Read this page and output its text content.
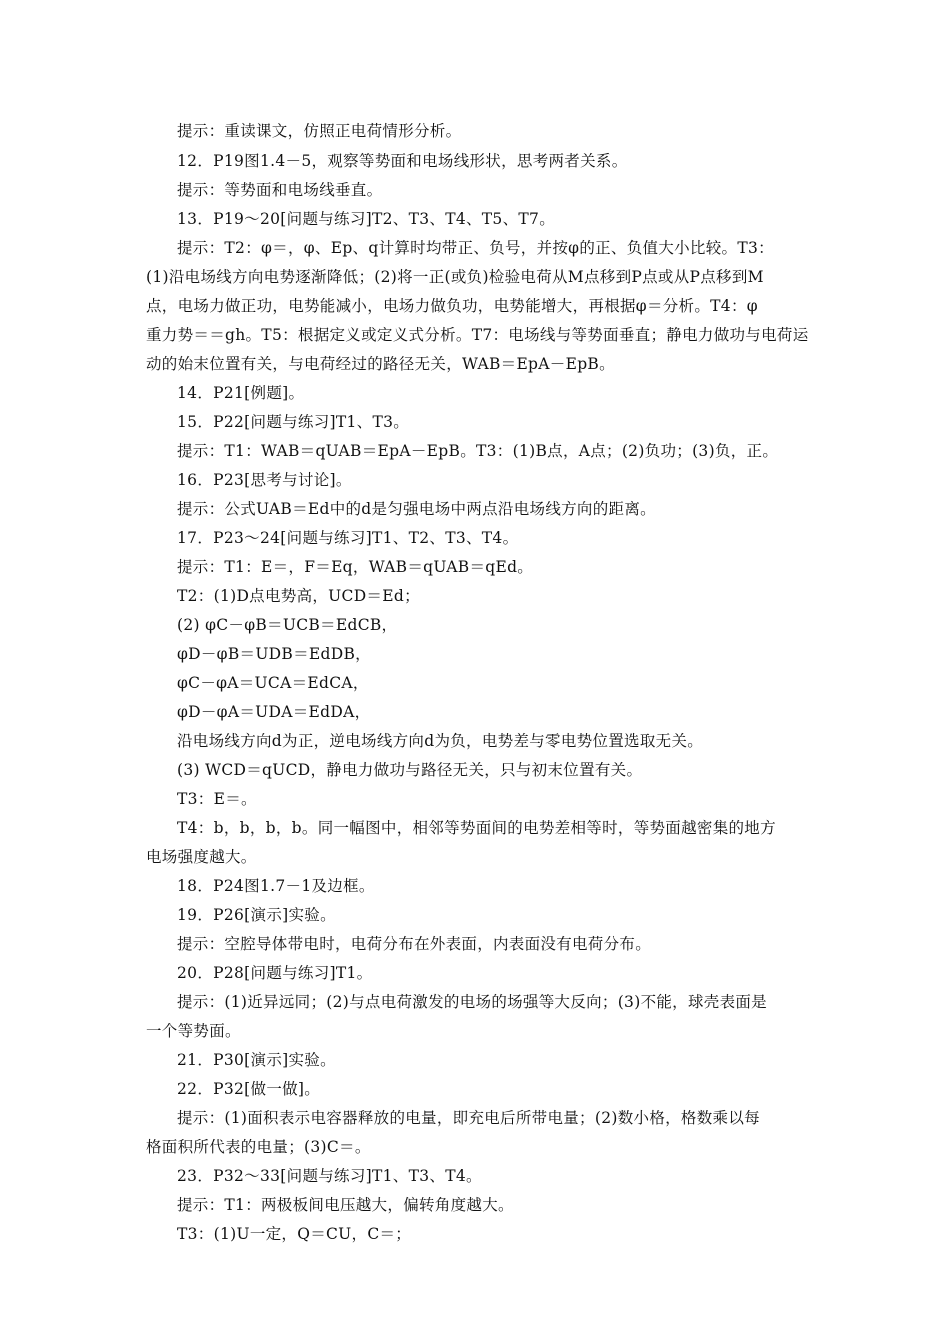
提示：重读课文，仿照正电荷情形分析。
12．P19图1.4－5，观察等势面和电场线形状，思考两者关系。
提示：等势面和电场线垂直。
13．P19～20[问题与练习]T2、T3、T4、T5、T7。
提示：T2：φ＝，φ、Ep、q计算时均带正、负号，并按φ的正、负值大小比较。T3：
(1)沿电场线方向电势逐渐降低；(2)将一正(或负)检验电荷从M点移到P点或从P点移到M
点，电场力做正功，电势能减小，电场力做负功，电势能增大，再根据φ＝分析。T4：φ
重力势＝＝gh。T5：根据定义或定义式分析。T7：电场线与等势面垂直；静电力做功与电荷运
动的始末位置有关，与电荷经过的路径无关，WAB＝EpA－EpB。
14．P21[例题]。
15．P22[问题与练习]T1、T3。
提示：T1：WAB＝qUAB＝EpA－EpB。T3：(1)B点，A点；(2)负功；(3)负，正。
16．P23[思考与讨论]。
提示：公式UAB＝Ed中的d是匀强电场中两点沿电场线方向的距离。
17．P23～24[问题与练习]T1、T2、T3、T4。
提示：T1：E＝，F＝Eq，WAB＝qUAB＝qEd。
T2：(1)D点电势高，UCD＝Ed；
(2) φC－φB＝UCB＝EdCB，
φD－φB＝UDB＝EdDB，
φC－φA＝UCA＝EdCA，
φD－φA＝UDA＝EdDA，
沿电场线方向d为正，逆电场线方向d为负，电势差与零电势位置选取无关。
(3) WCD＝qUCD，静电力做功与路径无关，只与初末位置有关。
T3：E＝。
T4：b，b，b，b。同一幅图中，相邻等势面间的电势差相等时，等势面越密集的地方
电场强度越大。
18．P24图1.7－1及边框。
19．P26[演示]实验。
提示：空腔导体带电时，电荷分布在外表面，内表面没有电荷分布。
20．P28[问题与练习]T1。
提示：(1)近异远同；(2)与点电荷激发的电场的场强等大反向；(3)不能，球壳表面是
一个等势面。
21．P30[演示]实验。
22．P32[做一做]。
提示：(1)面积表示电容器释放的电量，即充电后所带电量；(2)数小格，格数乘以每
格面积所代表的电量；(3)C＝。
23．P32～33[问题与练习]T1、T3、T4。
提示：T1：两极板间电压越大，偏转角度越大。
T3：(1)U一定，Q＝CU，C＝；
